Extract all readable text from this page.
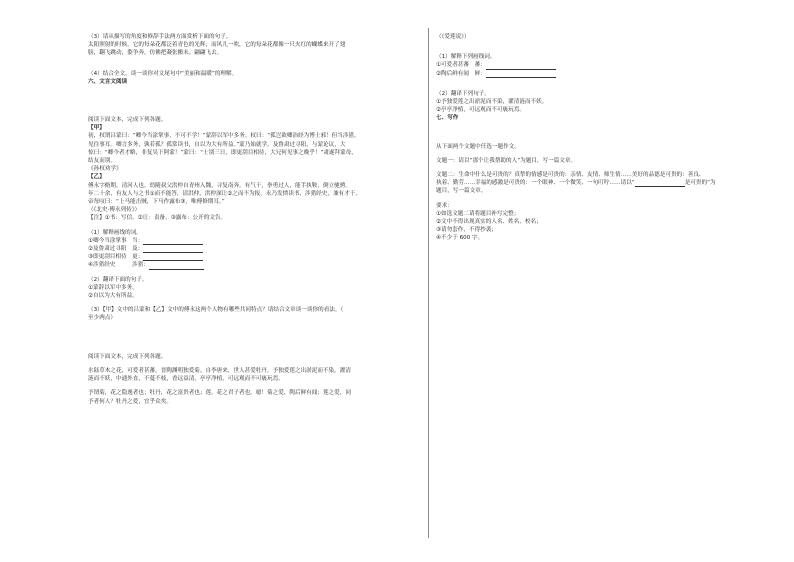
（3）请从描写的角度和修辞手法两方面赏析下面的句子。

太阳照射的时候，它的每朵花都泛着青色的光辉；而风儿一吹，它的每朵花都像一只火红的蝴蝶来开了翅

膀，翻飞跳动，姿争奔，仿佛把凝张搬未。翩翩飞去。

（4）结合全文，谈一谈你对文尾句中“美丽和温暖”的理解。

六、文言文阅读

阅读下面文本，完成下列各题。

【甲】

初，权谓吕蒙曰：“卿今当涂掌事，不可不学！”蒙辞以军中多务。权曰：“孤岂欲卿治经为博士邪！但当涉猎，

见往事耳。卿言多务，孰若孤？孤常读书，自以为大有所益。”蒙乃始就学。及鲁肃过寻阳，与蒙论议，大

惊曰：“卿今者才略，非复吴下阿蒙！”蒙曰：“士别三日，即更刮目相待，大兄何见事之晚乎！”肃遂拜蒙母，

结友而别。

《孙权劝学》

【乙】

傅永字脩期，清河人也。幼随叔父洪仲自青州入魏，寻复南奔。有气干，拳勇过人，能手执鞍，倒立驰骋。

年二十余，有友人与之书①而不能答，请洪仲，洪仲深让②之而不为报。永乃发愤读书，涉猎经史，兼有才干。

帝每叹曰：“上马能击贼，下马作露布③，唯傅修期耳。”

（《北史·傅永列传》）

【注】①书：写信。②让：责备。③露布：公开的文告。

（1）解释画线的词。

①卿今当涂掌事　当：

②及鲁肃过寻阳　及：

③即更刮目相待　更：

④涉猎经史　　　涉猎：

（2）翻译下面的句子。

①蒙辞以军中多务。

②自以为大有所益。

（3）【甲】文中的吕蒙和【乙】文中的傅永这两个人物有哪些共同特点？请结合文章谈一谈你的看法。（

至少两点）

阅读下面文本，完成下列各题。

水陆草木之花，可爱者甚蕃。晋陶渊明独爱菊。自李唐来，世人甚爱牡丹。予独爱莲之出淤泥而不染，濯清

涟而不妖，中通外直，不蔓不枝，香远益清，亭亭净植，可远观而不可亵玩焉。

予谓菊，花之隐逸者也；牡丹，花之富贵者也；莲，花之君子者也。噫！菊之爱，陶后鲜有闻；莲之爱，同

予者何人？牡丹之爱，宜乎众矣。

（《爱莲说》）

（1）解释下列画线词。

①可爱者甚蕃　蕃：

②陶后鲜有闻　鲜：

（2）翻译下列句子。

①予独爱莲之出淤泥而不染，濯清涟而不妖。

②亭亭净植，可远观而不可亵玩焉。

七、写作

从下面两个文题中任选一题作文。

文题一：请以“那个让我帮助的人”为题目，写一篇文章。

文题二：生命中什么是可贵的？真挚的情感是可贵的：亲情、友情、师生情……美好的品德是可贵的：善良、

执着、勤劳……幸福的感激是可贵的：一个眼神、一个微笑、一句叮咛……请以“	是可贵的”为

题目，写一篇文章。

要求：

①如选文题二请将题目补写完整；

②文中不得出现真实的人名、姓名、校名；

③请勿套作，不得抄袭；

④不少于 600 字。
